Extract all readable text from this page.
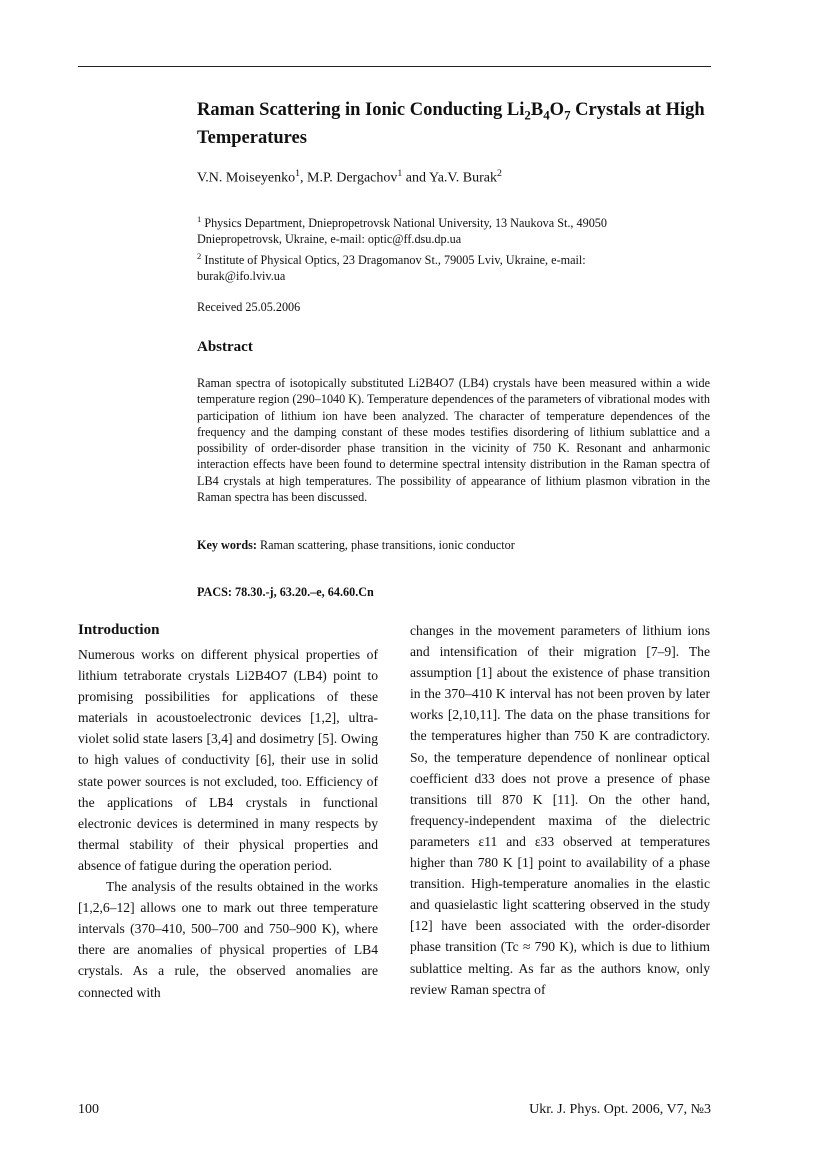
Raman Scattering in Ionic Conducting $Li_2B_4O_7$ Crystals at High Temperatures
V.N. Moiseyenko$^1$, M.P. Dergachov$^1$ and Ya.V. Burak$^2$
$^1$ Physics Department, Dniepropetrovsk National University, 13 Naukova St., 49050 Dniepropetrovsk, Ukraine, e-mail: optic@ff.dsu.dp.ua
$^2$ Institute of Physical Optics, 23 Dragomanov St., 79005 Lviv, Ukraine, e-mail: burak@ifo.lviv.ua
Received 25.05.2006
Abstract

Raman spectra of isotopically substituted Li2B4O7 (LB4) crystals have been measured within a wide temperature region (290–1040 K). Temperature dependences of the parameters of vibrational modes with participation of lithium ion have been analyzed. The character of temperature dependences of the frequency and the damping constant of these modes testifies disordering of lithium sublattice and a possibility of order-disorder phase transition in the vicinity of 750 K. Resonant and anharmonic interaction effects have been found to determine spectral intensity distribution in the Raman spectra of LB4 crystals at high temperatures. The possibility of appearance of lithium plasmon vibration in the Raman spectra has been discussed.

Key words: Raman scattering, phase transitions, ionic conductor
PACS: 78.30.-j, 63.20.–e, 64.60.Cn
Introduction

Numerous works on different physical properties of lithium tetraborate crystals Li2B4O7 (LB4) point to promising possibilities for applications of these materials in acoustoelectronic devices [1,2], ultra-violet solid state lasers [3,4] and dosimetry [5]. Owing to high values of conductivity [6], their use in solid state power sources is not excluded, too. Efficiency of the applications of LB4 crystals in functional electronic devices is determined in many respects by thermal stability of their physical properties and absence of fatigue during the operation period.

The analysis of the results obtained in the works [1,2,6–12] allows one to mark out three temperature intervals (370–410, 500–700 and 750–900 K), where there are anomalies of physical properties of LB4 crystals. As a rule, the observed anomalies are connected with

changes in the movement parameters of lithium ions and intensification of their migration [7–9]. The assumption [1] about the existence of phase transition in the 370–410 K interval has not been proven by later works [2,10,11]. The data on the phase transitions for the temperatures higher than 750 K are contradictory. So, the temperature dependence of nonlinear optical coefficient d33 does not prove a presence of phase transitions till 870 K [11]. On the other hand, frequency-independent maxima of the dielectric parameters ε11 and ε33 observed at temperatures higher than 780 K [1] point to availability of a phase transition. High-temperature anomalies in the elastic and quasielastic light scattering observed in the study [12] have been associated with the order-disorder phase transition (Tc ≈ 790 K), which is due to lithium sublattice melting. As far as the authors know, only review Raman spectra of

100	Ukr. J. Phys. Opt. 2006, V7, №3
